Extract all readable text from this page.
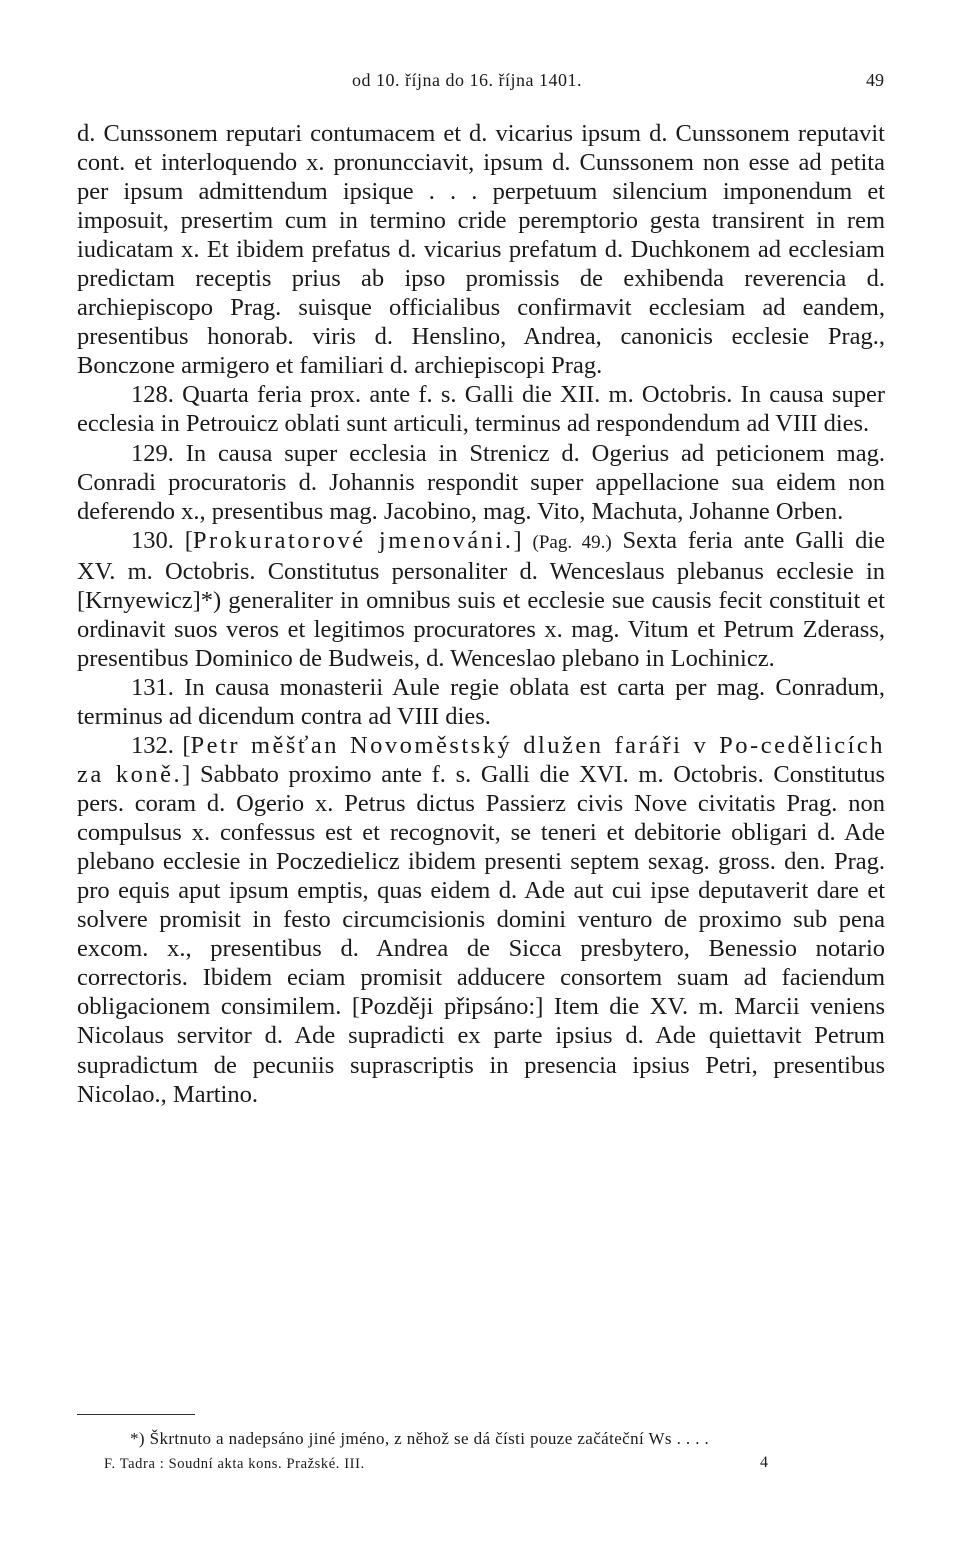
od 10. října do 16. října 1401.	49

d. Cunssonem reputari contumacem et d. vicarius ipsum d. Cunssonem reputavit cont. et interloquendo x. pronuncciavit, ipsum d. Cunssonem non esse ad petita per ipsum admittendum ipsique . . . perpetuum silencium imponendum et imposuit, presertim cum in termino cride peremptorio gesta transirent in rem iudicatam x. Et ibidem prefatus d. vicarius prefatum d. Duchkonem ad ecclesiam predictam receptis prius ab ipso promissis de exhibenda reverencia d. archiepiscopo Prag. suisque officialibus confirmavit ecclesiam ad eandem, presentibus honorab. viris d. Henslino, Andrea, canonicis ecclesie Prag., Bonczone armigero et familiari d. archiepiscopi Prag.

128. Quarta feria prox. ante f. s. Galli die XII. m. Octobris. In causa super ecclesia in Petrouicz oblati sunt articuli, terminus ad respondendum ad VIII dies.

129. In causa super ecclesia in Strenicz d. Ogerius ad peticionem mag. Conradi procuratoris d. Johannis respondit super appellacione sua eidem non deferendo x., presentibus mag. Jacobino, mag. Vito, Machuta, Johanne Orben.

130. [Prokuratorové jmenováni.] (Pag. 49.) Sexta feria ante Galli die XV. m. Octobris. Constitutus personaliter d. Wenceslaus plebanus ecclesie in [Krnyewicz]*) generaliter in omnibus suis et ecclesie sue causis fecit constituit et ordinavit suos veros et legitimos procuratores x. mag. Vitum et Petrum Zderass, presentibus Dominico de Budweis, d. Wenceslao plebano in Lochinicz.

131. In causa monasterii Aule regie oblata est carta per mag. Conradum, terminus ad dicendum contra ad VIII dies.

132. [Petr měšťan Novoměstský dlužen faráři v Po-cedělicích za koně.] Sabbato proximo ante f. s. Galli die XVI. m. Octobris. Constitutus pers. coram d. Ogerio x. Petrus dictus Passierz civis Nove civitatis Prag. non compulsus x. confessus est et recognovit, se teneri et debitorie obligari d. Ade plebano ecclesie in Poczedielicz ibidem presenti septem sexag. gross. den. Prag. pro equis aput ipsum emptis, quas eidem d. Ade aut cui ipse deputaverit dare et solvere promisit in festo circumcisionis domini venturo de proximo sub pena excom. x., presentibus d. Andrea de Sicca presbytero, Benessio notario correctoris. Ibidem eciam promisit adducere consortem suam ad faciendum obligacionem consimilem. [Později připsáno:] Item die XV. m. Marcii veniens Nicolaus servitor d. Ade supradicti ex parte ipsius d. Ade quiettavit Petrum supradictum de pecuniis suprascriptis in presencia ipsius Petri, presentibus Nicolao., Martino.

*) Škrtnuto a nadepsáno jiné jméno, z něhož se dá čísti pouze začáteční Ws . . . .
F. Tadra : Soudní akta kons. Pražské. III.	4
